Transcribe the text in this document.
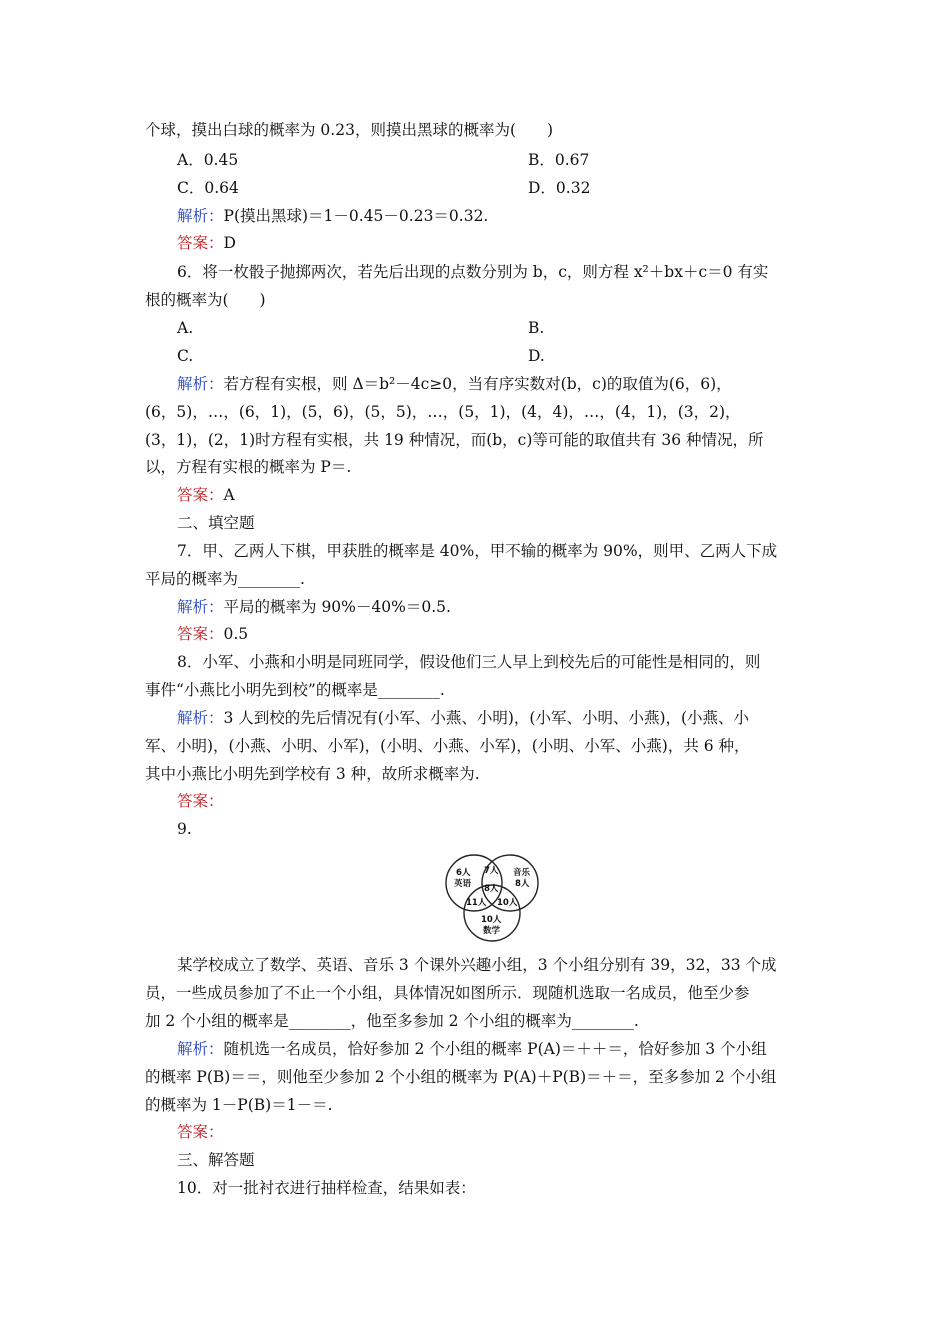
个球，摸出白球的概率为 0.23，则摸出黑球的概率为(　　)
A．0.45	B．0.67
C．0.64	D．0.32
解析：P(摸出黑球)＝1－0.45－0.23＝0.32.
答案：D
6．将一枚骰子抛掷两次，若先后出现的点数分别为 b，c，则方程 x²＋bx＋c＝0 有实
根的概率为(　　)
A.	B.
C.	D.
解析：若方程有实根，则 Δ＝b²－4c≥0，当有序实数对(b，c)的取值为(6，6)，
(6，5)，…，(6，1)，(5，6)，(5，5)，…，(5，1)，(4，4)，…，(4，1)，(3，2)，
(3，1)，(2，1)时方程有实根，共 19 种情况，而(b，c)等可能的取值共有 36 种情况，所
以，方程有实根的概率为 P＝.
答案：A
二、填空题
7．甲、乙两人下棋，甲获胜的概率是 40%，甲不输的概率为 90%，则甲、乙两人下成
平局的概率为________.
解析：平局的概率为 90%－40%＝0.5.
答案：0.5
8．小军、小燕和小明是同班同学，假设他们三人早上到校先后的可能性是相同的，则
事件“小燕比小明先到校”的概率是________.
解析：3 人到校的先后情况有(小军、小燕、小明)，(小军、小明、小燕)，(小燕、小
军、小明)，(小燕、小明、小军)，(小明、小燕、小军)，(小明、小军、小燕)，共 6 种，
其中小燕比小明先到学校有 3 种，故所求概率为.
答案：
9.
6人
英语
音乐
8人
7人
8人
11人 10人
10人
数学
某学校成立了数学、英语、音乐 3 个课外兴趣小组，3 个小组分别有 39，32，33 个成
员，一些成员参加了不止一个小组，具体情况如图所示．现随机选取一名成员，他至少参
加 2 个小组的概率是________，他至多参加 2 个小组的概率为________.
解析：随机选一名成员，恰好参加 2 个小组的概率 P(A)＝＋＋＝，恰好参加 3 个小组
的概率 P(B)＝＝，则他至少参加 2 个小组的概率为 P(A)＋P(B)＝＋＝，至多参加 2 个小组
的概率为 1－P(B)＝1－＝.
答案：
三、解答题
10．对一批衬衣进行抽样检查，结果如表：
